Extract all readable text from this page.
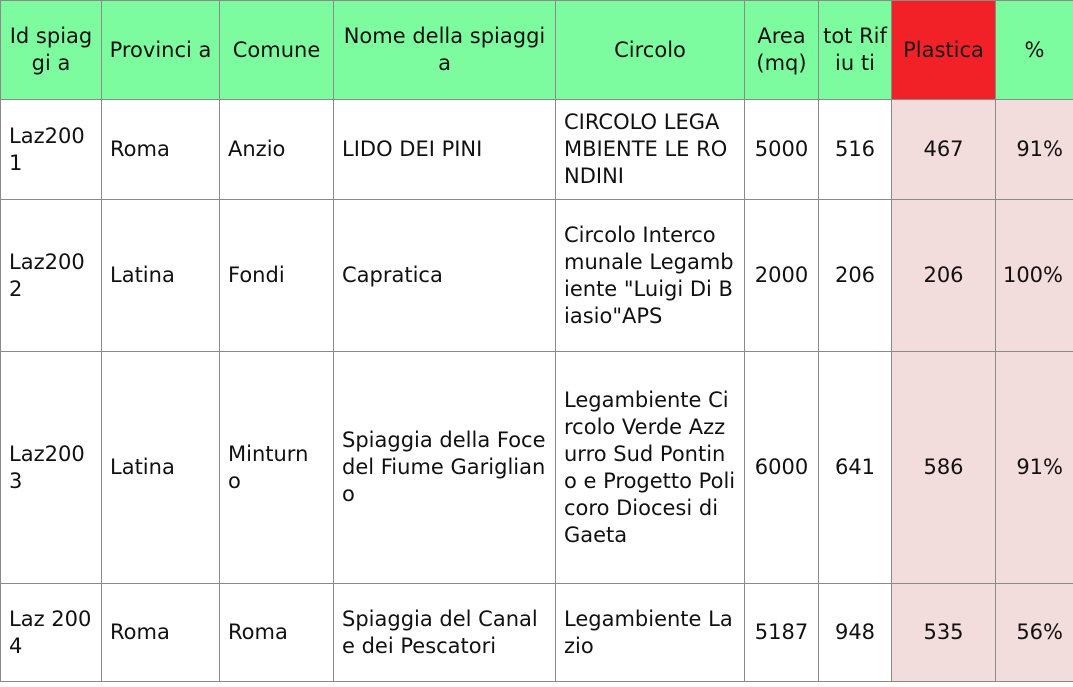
Id spiaggi a	Provinci a	Comune	Nome della spiaggia	Circolo	Area (mq)	tot Rifiu ti	Plastica	%
Laz200 1	Roma	Anzio	LIDO DEI PINI	CIRCOLO LEGAMBIENTE LE RONDINI	5000	516	467	91%
Laz200 2	Latina	Fondi	Capratica	Circolo Intercomunale Legambiente "Luigi Di Biasio"APS	2000	206	206	100%
Laz200 3	Latina	Minturn o	Spiaggia della Foce del Fiume Garigliano	Legambiente Circolo Verde Azzurro Sud Pontino e Progetto Policoro Diocesi di Gaeta	6000	641	586	91%
Laz 2004	Roma	Roma	Spiaggia del Canale dei Pescatori	Legambiente Lazio	5187	948	535	56%
